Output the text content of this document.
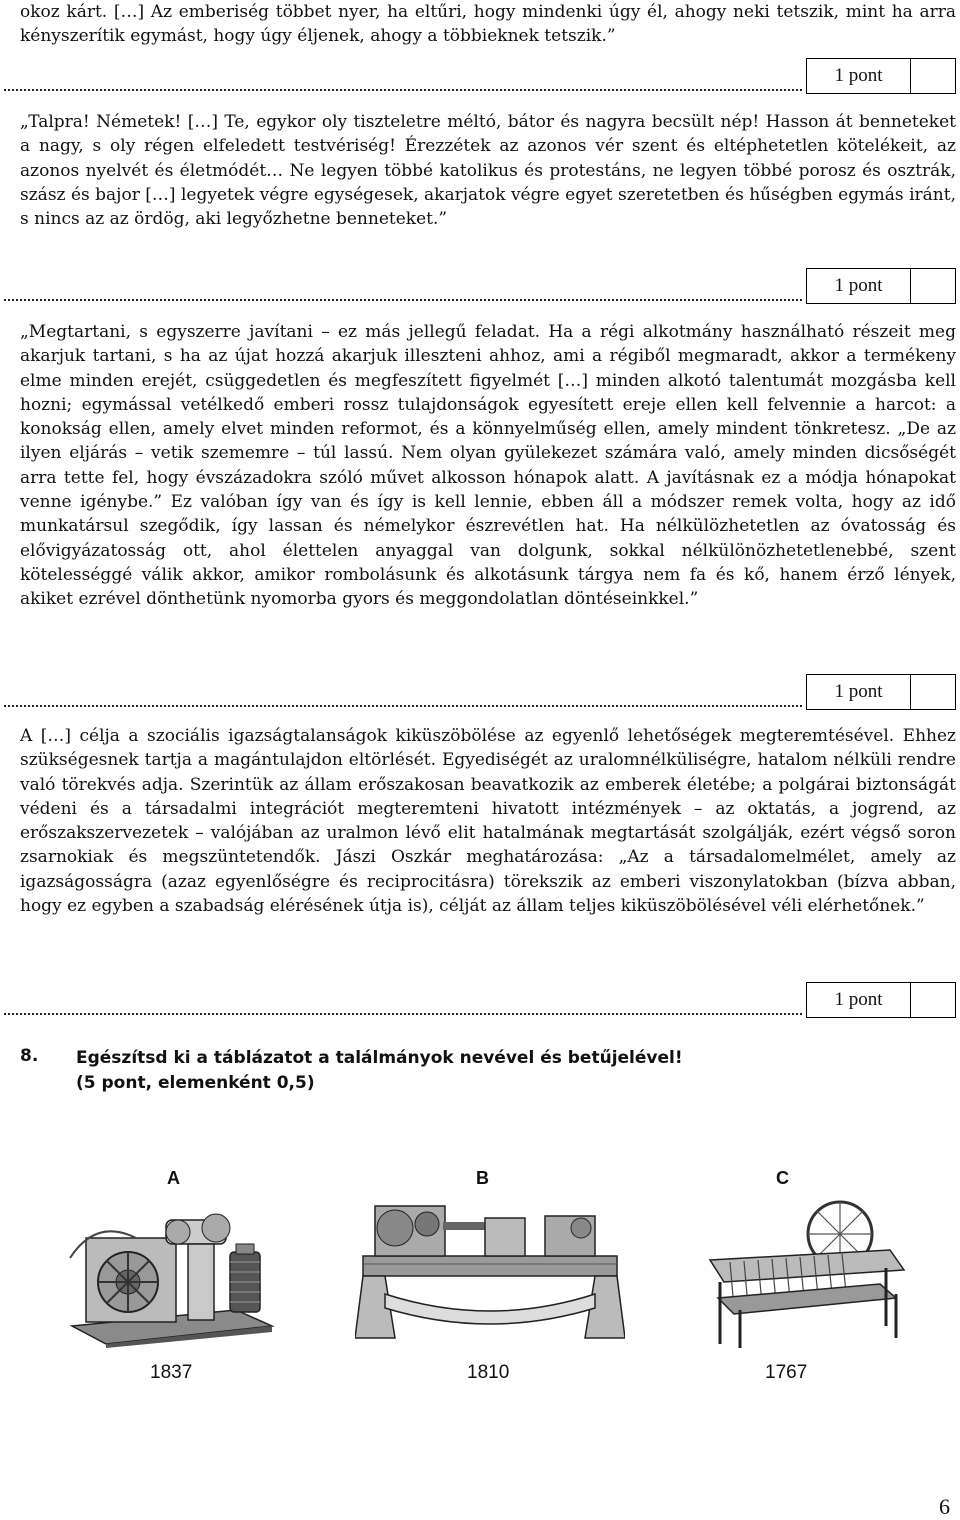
okoz kárt. […] Az emberiség többet nyer, ha eltűri, hogy mindenki úgy él, ahogy neki tetszik, mint ha arra kényszerítik egymást, hogy úgy éljenek, ahogy a többieknek tetszik.”

1 pont

„Talpra! Németek! […] Te, egykor oly tiszteletre méltó, bátor és nagyra becsült nép! Hasson át benneteket a nagy, s oly régen elfeledett testvériség! Érezzétek az azonos vér szent és eltéphetetlen kötelékeit, az azonos nyelvét és életmódét… Ne legyen többé katolikus és protestáns, ne legyen többé porosz és osztrák, szász és bajor […] legyetek végre egységesek, akarjatok végre egyet szeretetben és hűségben egymás iránt, s nincs az az ördög, aki legyőzhetne benneteket.”

1 pont

„Megtartani, s egyszerre javítani – ez más jellegű feladat. Ha a régi alkotmány használható részeit meg akarjuk tartani, s ha az újat hozzá akarjuk illeszteni ahhoz, ami a régiből megmaradt, akkor a termékeny elme minden erejét, csüggedetlen és megfeszített figyelmét […] minden alkotó talentumát mozgásba kell hozni; egymással vetélkedő emberi rossz tulajdonságok egyesített ereje ellen kell felvennie a harcot: a konokság ellen, amely elvet minden reformot, és a könnyelműség ellen, amely mindent tönkretesz. „De az ilyen eljárás – vetik szememre – túl lassú. Nem olyan gyülekezet számára való, amely minden dicsőségét arra tette fel, hogy évszázadokra szóló művet alkosson hónapok alatt. A javításnak ez a módja hónapokat venne igénybe.” Ez valóban így van és így is kell lennie, ebben áll a módszer remek volta, hogy az idő munkatársul szegődik, így lassan és némelykor észrevétlen hat. Ha nélkülözhetetlen az óvatosság és elővigyázatosság ott, ahol élettelen anyaggal van dolgunk, sokkal nélkülönözhetetlenebbé, szent kötelességgé válik akkor, amikor rombolásunk és alkotásunk tárgya nem fa és kő, hanem érző lények, akiket ezrével dönthetünk nyomorba gyors és meggondolatlan döntéseinkkel.”

1 pont

A […] célja a szociális igazságtalanságok kiküszöbölése az egyenlő lehetőségek megteremtésével. Ehhez szükségesnek tartja a magántulajdon eltörlését. Egyediségét az uralomnélküliségre, hatalom nélküli rendre való törekvés adja. Szerintük az állam erőszakosan beavatkozik az emberek életébe; a polgárai biztonságát védeni és a társadalmi integrációt megteremteni hivatott intézmények – az oktatás, a jogrend, az erőszakszervezetek – valójában az uralmon lévő elit hatalmának megtartását szolgálják, ezért végső soron zsarnokiak és megszüntetendők. Jászi Oszkár meghatározása: „Az a társadalomelmélet, amely az igazságosságra (azaz egyenlőségre és reciprocitásra) törekszik az emberi viszonylatokban (bízva abban, hogy ez egyben a szabadság elérésének útja is), célját az állam teljes kiküszöbölésével véli elérhetőnek.”

1 pont
8. Egészítsd ki a táblázatot a találmányok nevével és betűjelével!
(5 pont, elemenként 0,5)
A	B	C
1837	1810	1767
6
